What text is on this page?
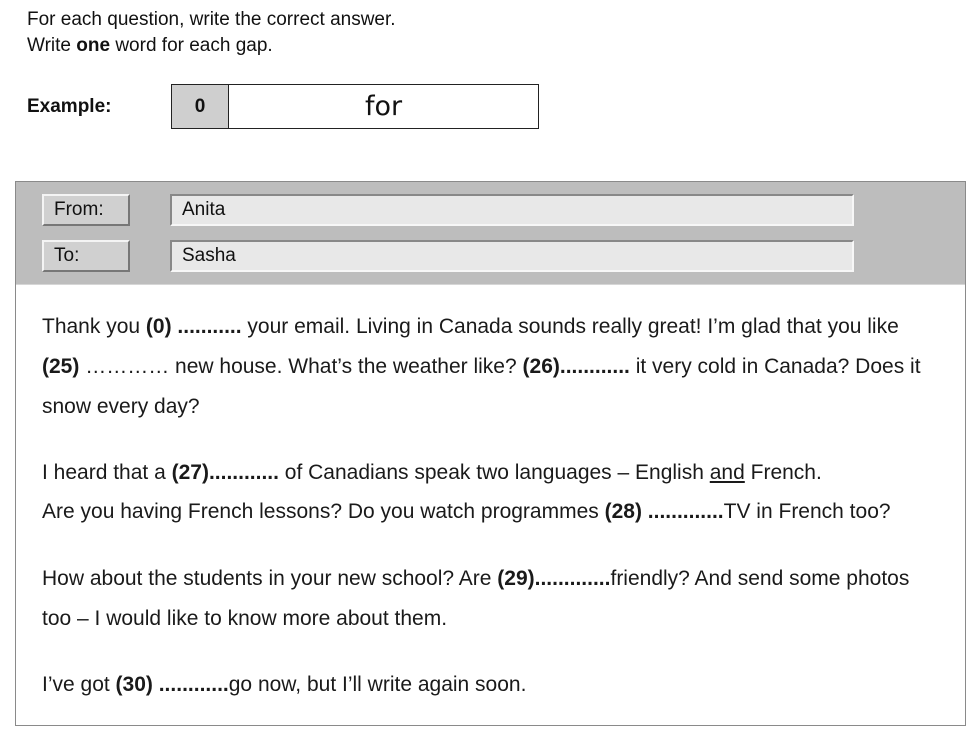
For each question, write the correct answer.
Write one word for each gap.
Example:	0	for
From:	Anita
To:	Sasha
Thank you (0) ........... your email. Living in Canada sounds really great! I’m glad that you like
(25) ………… new house. What’s the weather like? (26)............ it very cold in Canada? Does it
snow every day?
I heard that a (27)............ of Canadians speak two languages – English and French.
Are you having French lessons? Do you watch programmes (28) .............TV in French too?
How about the students in your new school? Are (29).............friendly? And send some photos
too – I would like to know more about them.
I’ve got (30) ............go now, but I’ll write again soon.
